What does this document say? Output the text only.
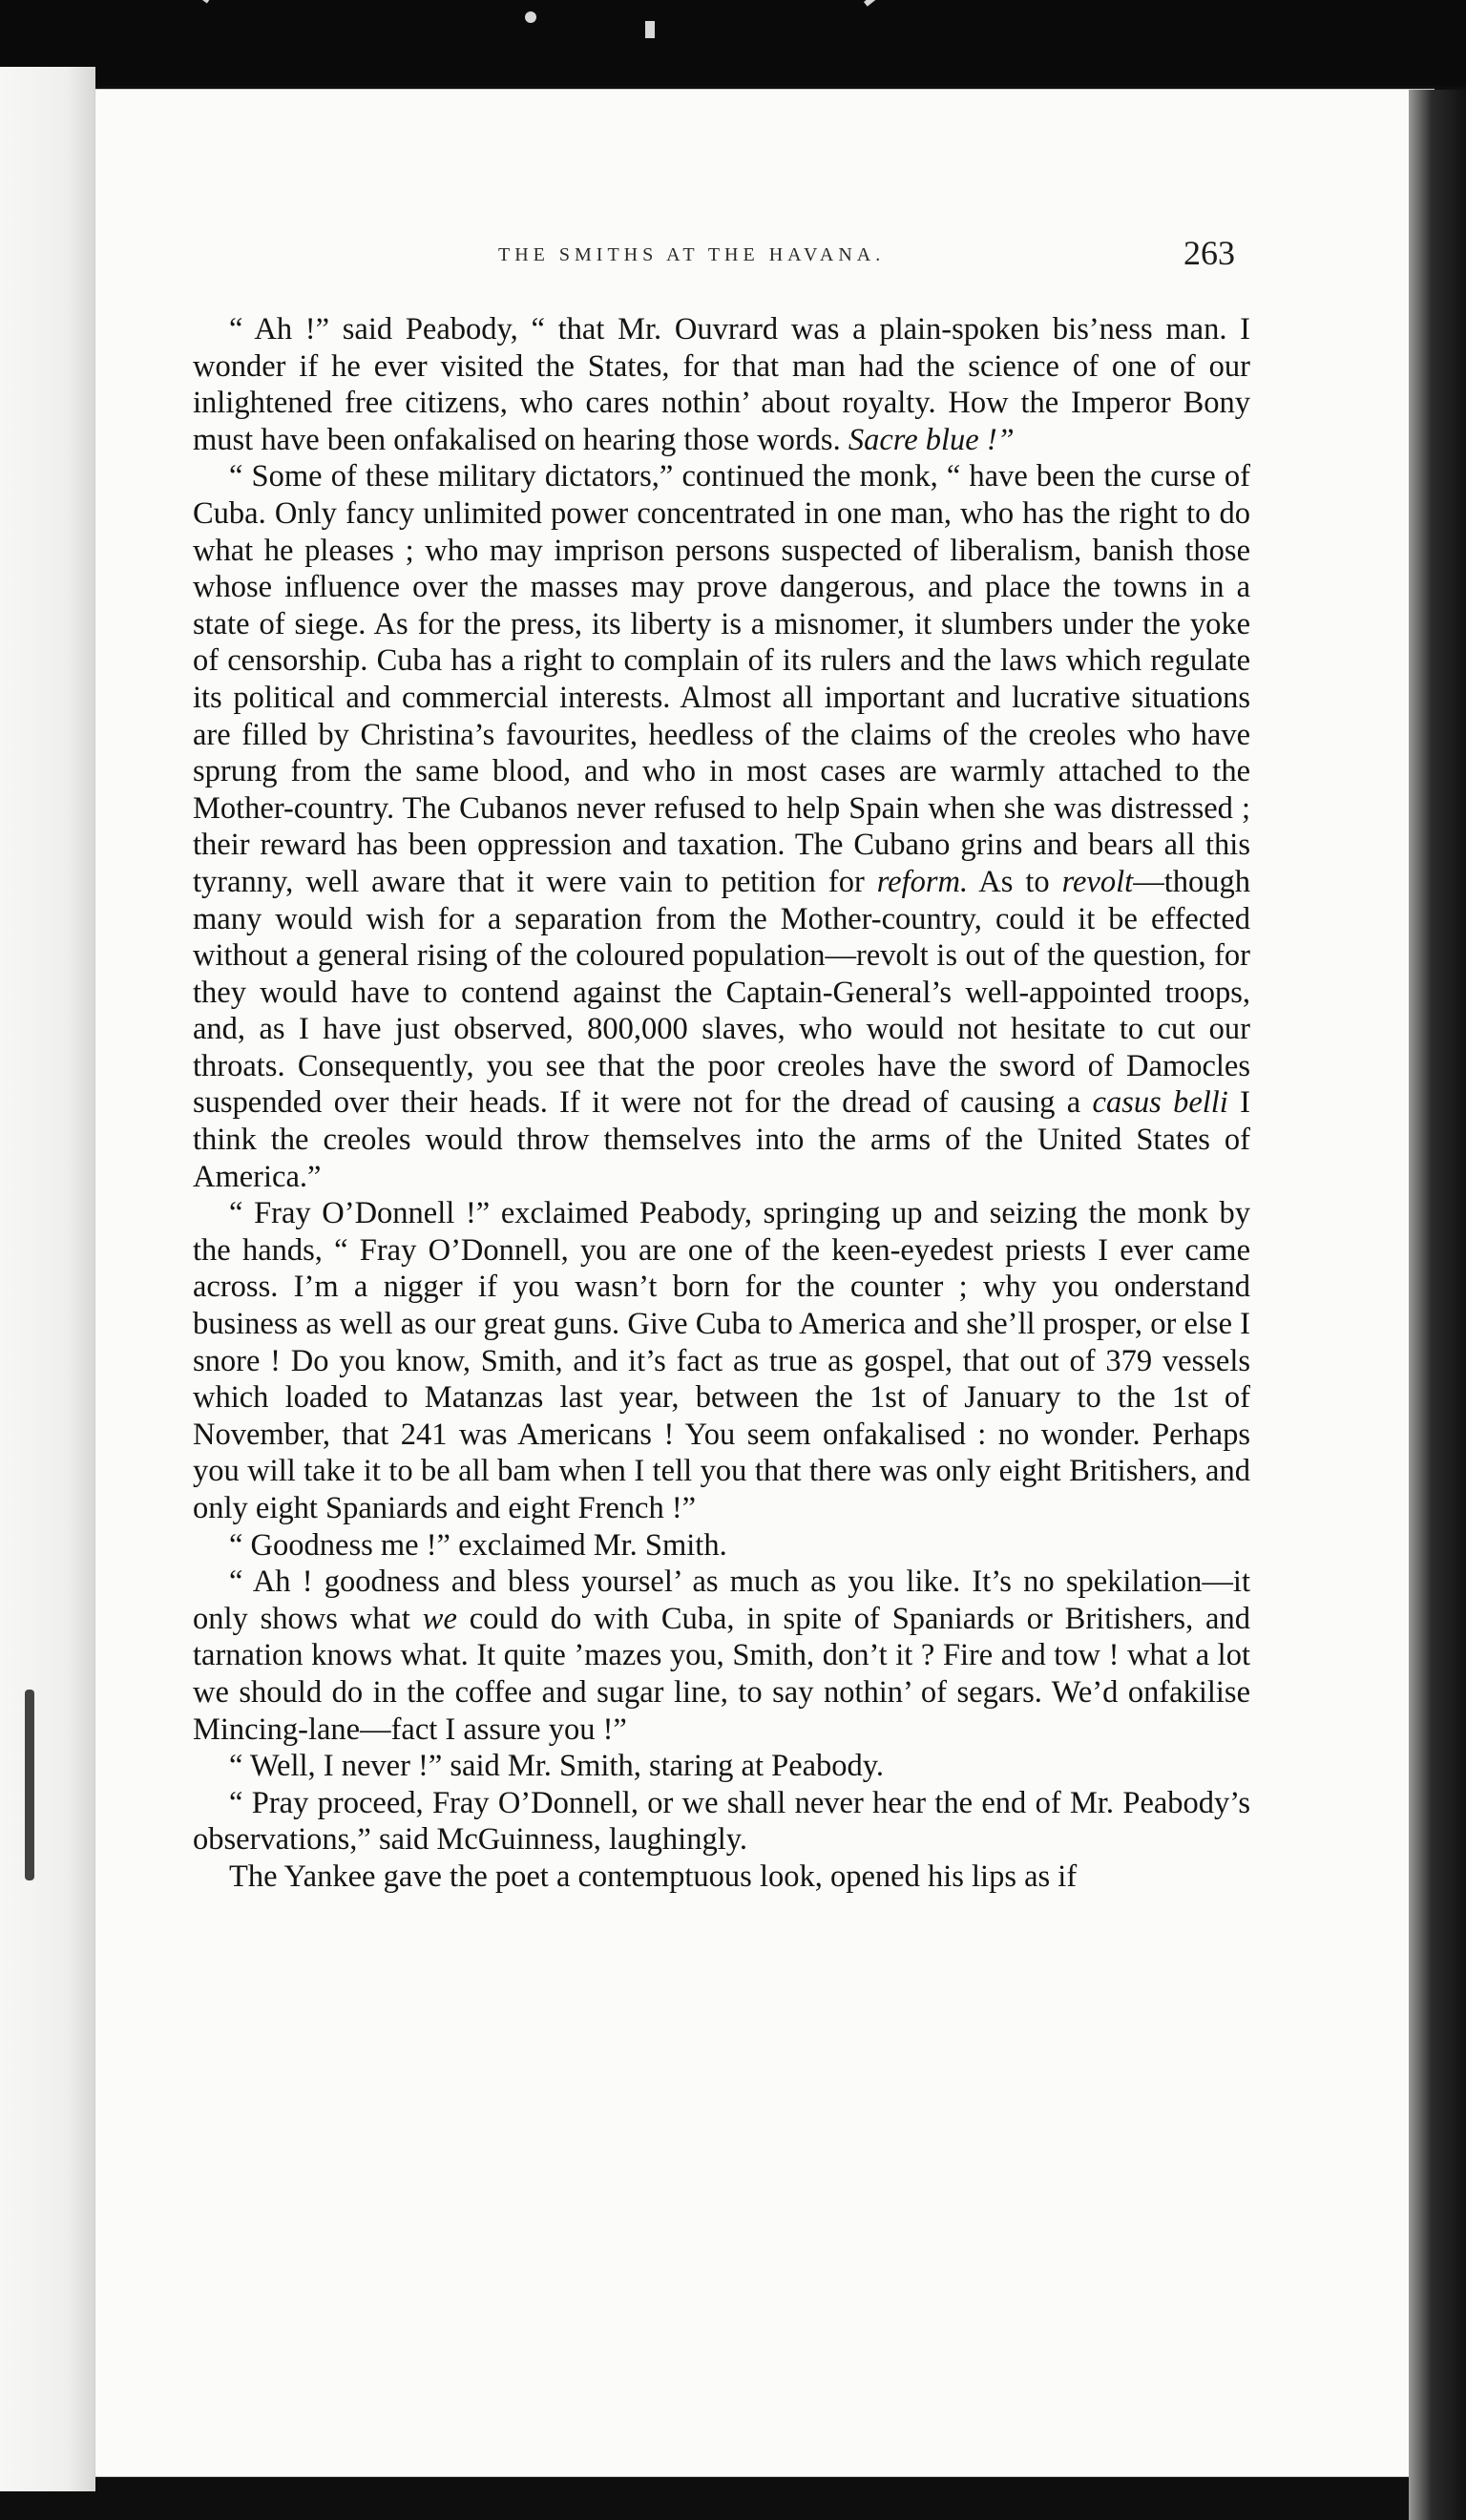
THE SMITHS AT THE HAVANA.	263

“ Ah !” said Peabody, “ that Mr. Ouvrard was a plain-spoken bis’ness man. I wonder if he ever visited the States, for that man had the science of one of our inlightened free citizens, who cares nothin’ about royalty. How the Imperor Bony must have been onfakalised on hearing those words. Sacre blue !”

“ Some of these military dictators,” continued the monk, “ have been the curse of Cuba. Only fancy unlimited power concentrated in one man, who has the right to do what he pleases ; who may imprison persons suspected of liberalism, banish those whose influence over the masses may prove dangerous, and place the towns in a state of siege. As for the press, its liberty is a misnomer, it slumbers under the yoke of censorship. Cuba has a right to complain of its rulers and the laws which regulate its political and commercial interests. Almost all important and lucrative situations are filled by Christina’s favourites, heedless of the claims of the creoles who have sprung from the same blood, and who in most cases are warmly attached to the Mother-country. The Cubanos never refused to help Spain when she was distressed ; their reward has been oppression and taxation. The Cubano grins and bears all this tyranny, well aware that it were vain to petition for reform. As to revolt—though many would wish for a separation from the Mother-country, could it be effected without a general rising of the coloured population—revolt is out of the question, for they would have to contend against the Captain-General’s well-appointed troops, and, as I have just observed, 800,000 slaves, who would not hesitate to cut our throats. Consequently, you see that the poor creoles have the sword of Damocles suspended over their heads. If it were not for the dread of causing a casus belli I think the creoles would throw themselves into the arms of the United States of America.”

“ Fray O’Donnell !” exclaimed Peabody, springing up and seizing the monk by the hands, “ Fray O’Donnell, you are one of the keen-eyedest priests I ever came across. I’m a nigger if you wasn’t born for the counter ; why you onderstand business as well as our great guns. Give Cuba to America and she’ll prosper, or else I snore ! Do you know, Smith, and it’s fact as true as gospel, that out of 379 vessels which loaded to Matanzas last year, between the 1st of January to the 1st of November, that 241 was Americans ! You seem onfakalised : no wonder. Perhaps you will take it to be all bam when I tell you that there was only eight Britishers, and only eight Spaniards and eight French !”

“ Goodness me !” exclaimed Mr. Smith.

“ Ah ! goodness and bless yoursel’ as much as you like. It’s no spekilation—it only shows what we could do with Cuba, in spite of Spaniards or Britishers, and tarnation knows what. It quite ’mazes you, Smith, don’t it ? Fire and tow ! what a lot we should do in the coffee and sugar line, to say nothin’ of segars. We’d onfakilise Mincing-lane—fact I assure you !”

“ Well, I never !” said Mr. Smith, staring at Peabody.

“ Pray proceed, Fray O’Donnell, or we shall never hear the end of Mr. Peabody’s observations,” said McGuinness, laughingly.

The Yankee gave the poet a contemptuous look, opened his lips as if
